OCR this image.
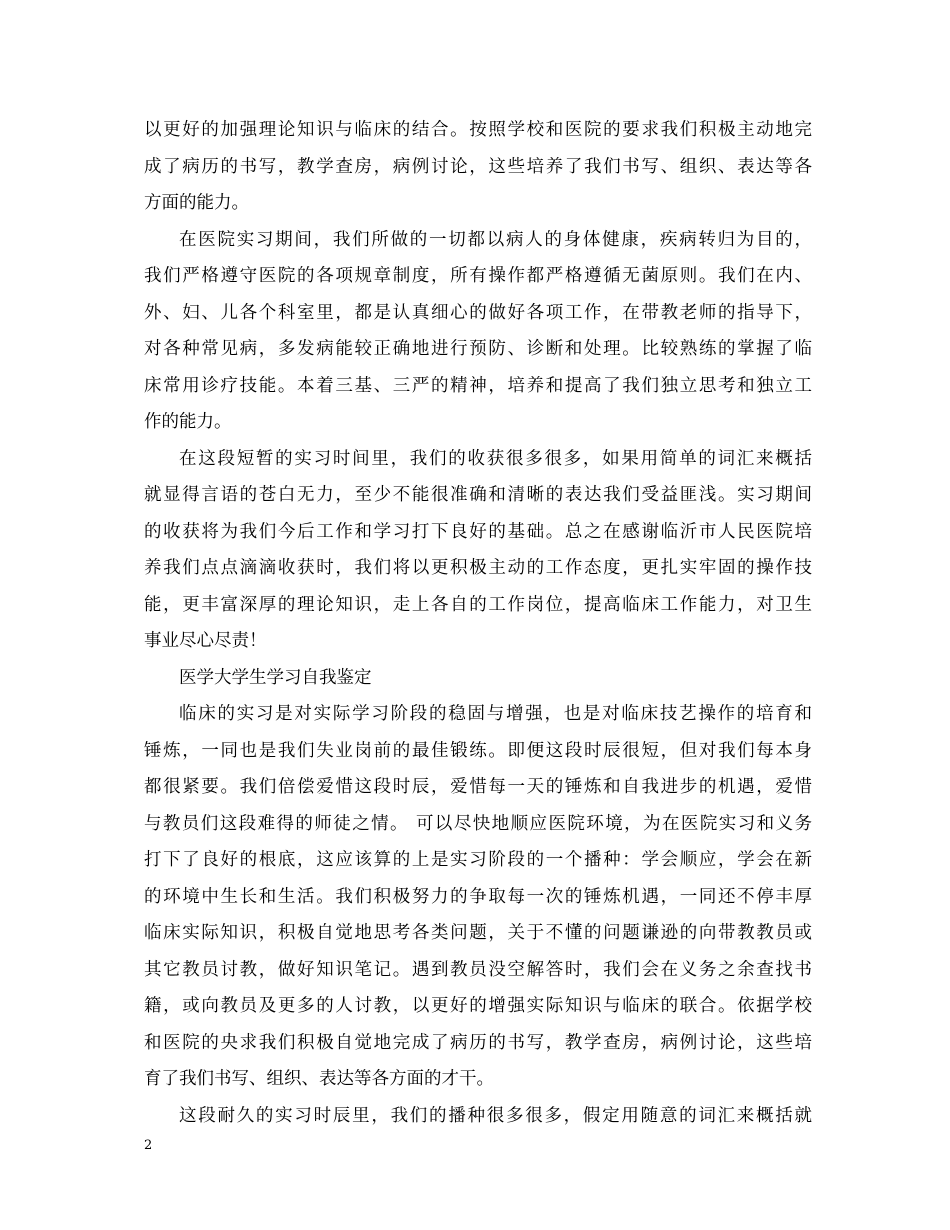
以更好的加强理论知识与临床的结合。按照学校和医院的要求我们积极主动地完
成了病历的书写，教学查房，病例讨论，这些培养了我们书写、组织、表达等各
方面的能力。
在医院实习期间，我们所做的一切都以病人的身体健康，疾病转归为目的，
我们严格遵守医院的各项规章制度，所有操作都严格遵循无菌原则。我们在内、
外、妇、儿各个科室里，都是认真细心的做好各项工作，在带教老师的指导下，
对各种常见病，多发病能较正确地进行预防、诊断和处理。比较熟练的掌握了临
床常用诊疗技能。本着三基、三严的精神，培养和提高了我们独立思考和独立工
作的能力。
在这段短暂的实习时间里，我们的收获很多很多，如果用简单的词汇来概括
就显得言语的苍白无力，至少不能很准确和清晰的表达我们受益匪浅。实习期间
的收获将为我们今后工作和学习打下良好的基础。总之在感谢临沂市人民医院培
养我们点点滴滴收获时，我们将以更积极主动的工作态度，更扎实牢固的操作技
能，更丰富深厚的理论知识，走上各自的工作岗位，提高临床工作能力，对卫生
事业尽心尽责！
医学大学生学习自我鉴定
临床的实习是对实际学习阶段的稳固与增强，也是对临床技艺操作的培育和
锤炼，一同也是我们失业岗前的最佳锻练。即便这段时辰很短，但对我们每本身
都很紧要。我们倍偿爱惜这段时辰，爱惜每一天的锤炼和自我进步的机遇，爱惜
与教员们这段难得的师徒之情。 可以尽快地顺应医院环境，为在医院实习和义务
打下了良好的根底，这应该算的上是实习阶段的一个播种：学会顺应，学会在新
的环境中生长和生活。我们积极努力的争取每一次的锤炼机遇，一同还不停丰厚
临床实际知识，积极自觉地思考各类问题，关于不懂的问题谦逊的向带教教员或
其它教员讨教，做好知识笔记。遇到教员没空解答时，我们会在义务之余查找书
籍，或向教员及更多的人讨教，以更好的增强实际知识与临床的联合。依据学校
和医院的央求我们积极自觉地完成了病历的书写，教学查房，病例讨论，这些培
育了我们书写、组织、表达等各方面的才干。
这段耐久的实习时辰里，我们的播种很多很多，假定用随意的词汇来概括就
2
